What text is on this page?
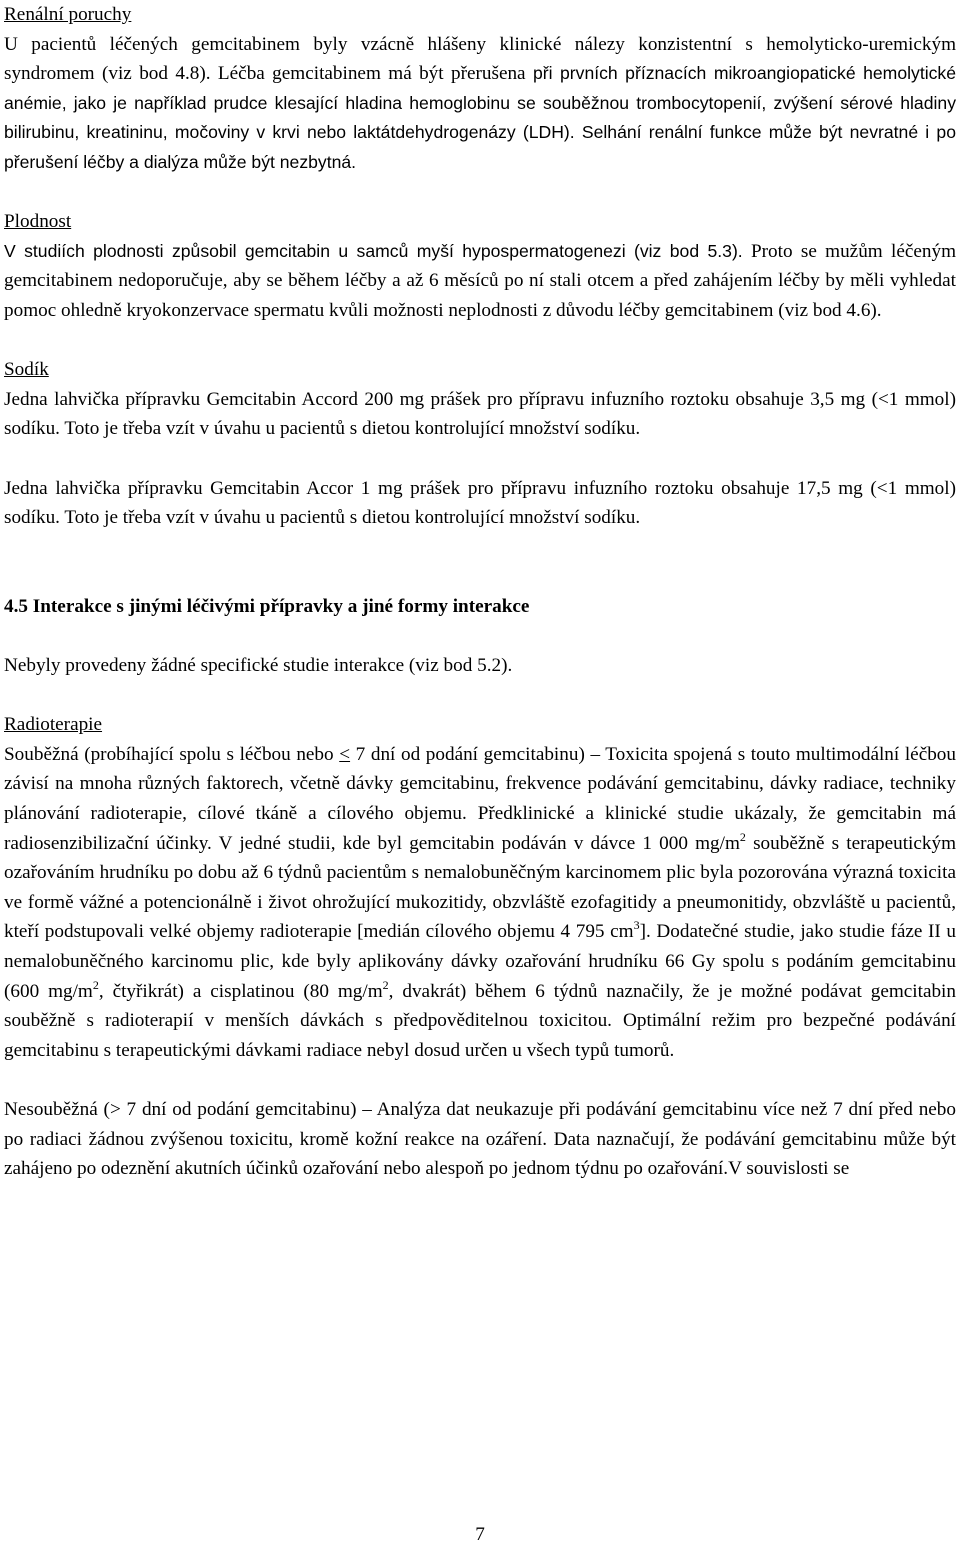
Renální poruchy

U pacientů léčených gemcitabinem byly vzácně hlášeny klinické nálezy konzistentní s hemolyticko-uremickým syndromem (viz bod 4.8). Léčba gemcitabinem má být přerušena při prvních příznacích mikroangiopatické hemolytické anémie, jako je například prudce klesající hladina hemoglobinu se souběžnou trombocytopenií, zvýšení sérové hladiny bilirubinu, kreatininu, močoviny v krvi nebo laktátdehydrogenázy (LDH). Selhání renální funkce může být nevratné i po přerušení léčby a dialýza může být nezbytná.

Plodnost

V studiích plodnosti způsobil gemcitabin u samců myší hypospermatogenezi (viz bod 5.3). Proto se mužům léčeným gemcitabinem nedoporučuje, aby se během léčby a až 6 měsíců po ní stali otcem a před zahájením léčby by měli vyhledat pomoc ohledně kryokonzervace spermatu kvůli možnosti neplodnosti z důvodu léčby gemcitabinem (viz bod 4.6).

Sodík

Jedna lahvička přípravku Gemcitabin Accord 200 mg prášek pro přípravu infuzního roztoku obsahuje 3,5 mg (<1 mmol) sodíku. Toto je třeba vzít v úvahu u pacientů s dietou kontrolující množství sodíku.

Jedna lahvička přípravku Gemcitabin Accor 1 mg prášek pro přípravu infuzního roztoku obsahuje 17,5 mg (<1 mmol) sodíku. Toto je třeba vzít v úvahu u pacientů s dietou kontrolující množství sodíku.

4.5 Interakce s jinými léčivými přípravky a jiné formy interakce

Nebyly provedeny žádné specifické studie interakce (viz bod 5.2).

Radioterapie

Souběžná (probíhající spolu s léčbou nebo ≤ 7 dní od podání gemcitabinu) – Toxicita spojená s touto multimodální léčbou závisí na mnoha různých faktorech, včetně dávky gemcitabinu, frekvence podávání gemcitabinu, dávky radiace, techniky plánování radioterapie, cílové tkáně a cílového objemu. Předklinické a klinické studie ukázaly, že gemcitabin má radiosenzibilizační účinky. V jedné studii, kde byl gemcitabin podáván v dávce 1 000 $mg/m^2$ souběžně s terapeutickým ozařováním hrudníku po dobu až 6 týdnů pacientům s nemalobuněčným karcinomem plic byla pozorována výrazná toxicita ve formě vážné a potencionálně i život ohrožující mukozitidy, obzvláště ezofagitidy a pneumonitidy, obzvláště u pacientů, kteří podstupovali velké objemy radioterapie [medián cílového objemu 4 795 $cm^3$]. Dodatečné studie, jako studie fáze II u nemalobuněčného karcinomu plic, kde byly aplikovány dávky ozařování hrudníku 66 Gy spolu s podáním gemcitabinu (600 $mg/m^2$, čtyřikrát) a cisplatinou (80 $mg/m^2$, dvakrát) během 6 týdnů naznačily, že je možné podávat gemcitabin souběžně s radioterapií v menších dávkách s předpověditelnou toxicitou. Optimální režim pro bezpečné podávání gemcitabinu s terapeutickými dávkami radiace nebyl dosud určen u všech typů tumorů.

Nesouběžná (> 7 dní od podání gemcitabinu) – Analýza dat neukazuje při podávání gemcitabinu více než 7 dní před nebo po radiaci žádnou zvýšenou toxicitu, kromě kožní reakce na ozáření. Data naznačují, že podávání gemcitabinu může být zahájeno po odeznění akutních účinků ozařování nebo alespoň po jednom týdnu po ozařování.V souvislosti se

7
